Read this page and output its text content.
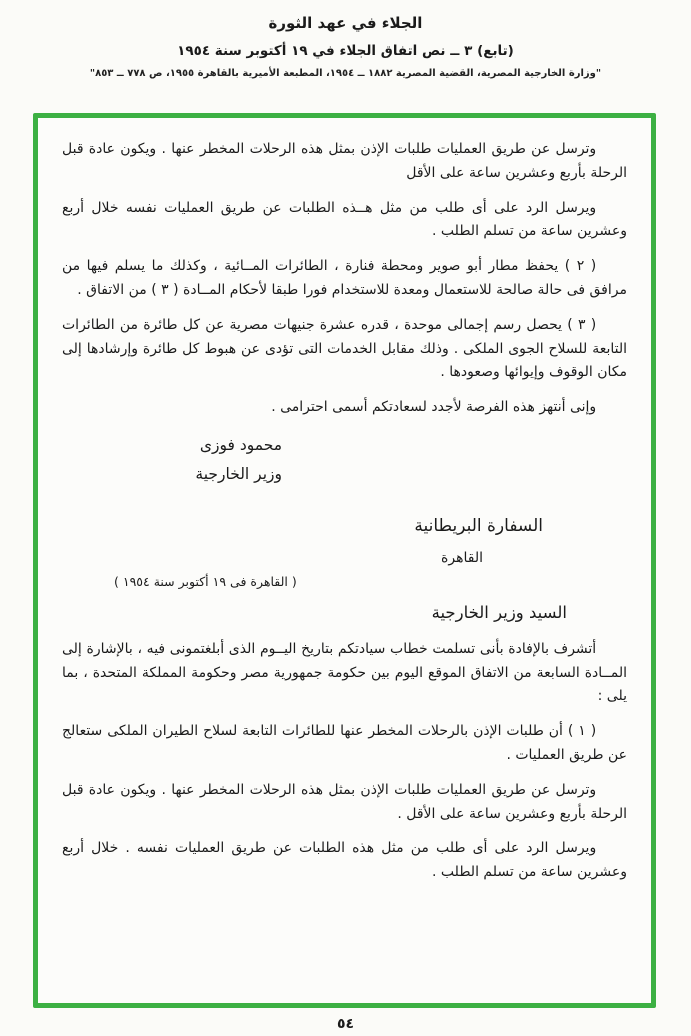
الجلاء في عهد الثورة
(تابع) ٣ ــ نص اتفاق الجلاء في ١٩ أكتوبر سنة ١٩٥٤
"وزارة الخارجية المصرية، القضية المصرية ١٨٨٢ ــ ١٩٥٤، المطبعة الأميرية بالقاهرة ١٩٥٥، ص ٧٧٨ ــ ٨٥٣"

وترسل عن طريق العمليات طلبات الإذن بمثل هذه الرحلات المخطر عنها . ويكون عادة قبل الرحلة بأربع وعشرين ساعة على الأقل

ويرسل الرد على أى طلب من مثل هــذه الطلبات عن طريق العمليات نفسه خلال أربع وعشرين ساعة من تسلم الطلب .

( ٢ ) يحفظ مطار أبو صوير ومحطة فنارة ، الطائرات المــائية ، وكذلك ما يسلم فيها من مرافق فى حالة صالحة للاستعمال ومعدة للاستخدام فورا طبقا لأحكام المــادة ( ٣ ) من الاتفاق .

( ٣ ) يحصل رسم إجمالى موحدة ، قدره عشرة جنيهات مصرية عن كل طائرة من الطائرات التابعة للسلاح الجوى الملكى . وذلك مقابل الخدمات التى تؤدى عن هبوط كل طائرة وإرشادها إلى مكان الوقوف وإيوائها وصعودها .

وإنى أنتهز هذه الفرصة لأجدد لسعادتكم أسمى احترامى .

محمود فوزى
وزير الخارجية
السفارة البريطانية
القاهرة
( القاهرة فى ١٩ أكتوبر سنة ١٩٥٤ )
السيد وزير الخارجية

أتشرف بالإفادة بأنى تسلمت خطاب سيادتكم بتاريخ اليــوم الذى أبلغتمونى فيه ، بالإشارة إلى المــادة السابعة من الاتفاق الموقع اليوم بين حكومة جمهورية مصر وحكومة المملكة المتحدة ، بما يلى :

( ١ ) أن طلبات الإذن بالرحلات المخطر عنها للطائرات التابعة لسلاح الطيران الملكى ستعالج عن طريق العمليات .

وترسل عن طريق العمليات طلبات الإذن بمثل هذه الرحلات المخطر عنها . ويكون عادة قبل الرحلة بأربع وعشرين ساعة على الأقل .

ويرسل الرد على أى طلب من مثل هذه الطلبات عن طريق العمليات نفسه . خلال أربع وعشرين ساعة من تسلم الطلب .

٥٤
